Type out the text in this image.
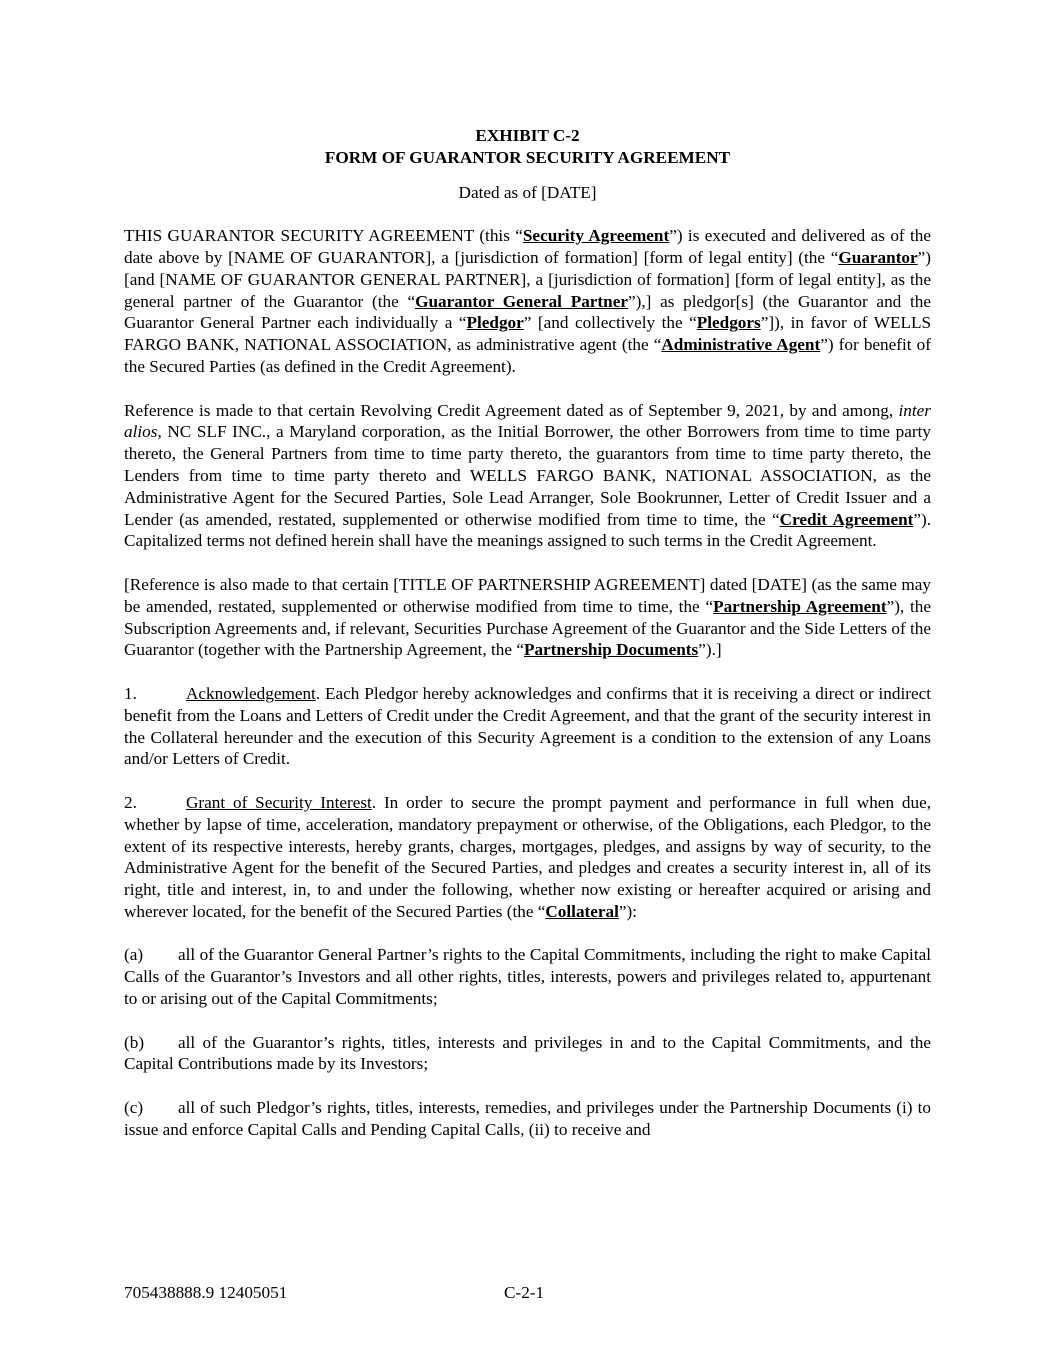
EXHIBIT C-2

FORM OF GUARANTOR SECURITY AGREEMENT

Dated as of [DATE]

THIS GUARANTOR SECURITY AGREEMENT (this “Security Agreement”) is executed and delivered as of the date above by [NAME OF GUARANTOR], a [jurisdiction of formation] [form of legal entity] (the “Guarantor”) [and [NAME OF GUARANTOR GENERAL PARTNER], a [jurisdiction of formation] [form of legal entity], as the general partner of the Guarantor (the “Guarantor General Partner”),] as pledgor[s] (the Guarantor and the Guarantor General Partner each individually a “Pledgor” [and collectively the “Pledgors”]), in favor of WELLS FARGO BANK, NATIONAL ASSOCIATION, as administrative agent (the “Administrative Agent”) for benefit of the Secured Parties (as defined in the Credit Agreement).

Reference is made to that certain Revolving Credit Agreement dated as of September 9, 2021, by and among, inter alios, NC SLF INC., a Maryland corporation, as the Initial Borrower, the other Borrowers from time to time party thereto, the General Partners from time to time party thereto, the guarantors from time to time party thereto, the Lenders from time to time party thereto and WELLS FARGO BANK, NATIONAL ASSOCIATION, as the Administrative Agent for the Secured Parties, Sole Lead Arranger, Sole Bookrunner, Letter of Credit Issuer and a Lender (as amended, restated, supplemented or otherwise modified from time to time, the “Credit Agreement”). Capitalized terms not defined herein shall have the meanings assigned to such terms in the Credit Agreement.

[Reference is also made to that certain [TITLE OF PARTNERSHIP AGREEMENT] dated [DATE] (as the same may be amended, restated, supplemented or otherwise modified from time to time, the “Partnership Agreement”), the Subscription Agreements and, if relevant, Securities Purchase Agreement of the Guarantor and the Side Letters of the Guarantor (together with the Partnership Agreement, the “Partnership Documents”).]

1.	Acknowledgement. Each Pledgor hereby acknowledges and confirms that it is receiving a direct or indirect benefit from the Loans and Letters of Credit under the Credit Agreement, and that the grant of the security interest in the Collateral hereunder and the execution of this Security Agreement is a condition to the extension of any Loans and/or Letters of Credit.

2.	Grant of Security Interest. In order to secure the prompt payment and performance in full when due, whether by lapse of time, acceleration, mandatory prepayment or otherwise, of the Obligations, each Pledgor, to the extent of its respective interests, hereby grants, charges, mortgages, pledges, and assigns by way of security, to the Administrative Agent for the benefit of the Secured Parties, and pledges and creates a security interest in, all of its right, title and interest, in, to and under the following, whether now existing or hereafter acquired or arising and wherever located, for the benefit of the Secured Parties (the “Collateral”):

(a) all of the Guarantor General Partner’s rights to the Capital Commitments, including the right to make Capital Calls of the Guarantor’s Investors and all other rights, titles, interests, powers and privileges related to, appurtenant to or arising out of the Capital Commitments;

(b) all of the Guarantor’s rights, titles, interests and privileges in and to the Capital Commitments, and the Capital Contributions made by its Investors;

(c) all of such Pledgor’s rights, titles, interests, remedies, and privileges under the Partnership Documents (i) to issue and enforce Capital Calls and Pending Capital Calls, (ii) to receive and

705438888.9 12405051	C-2-1
